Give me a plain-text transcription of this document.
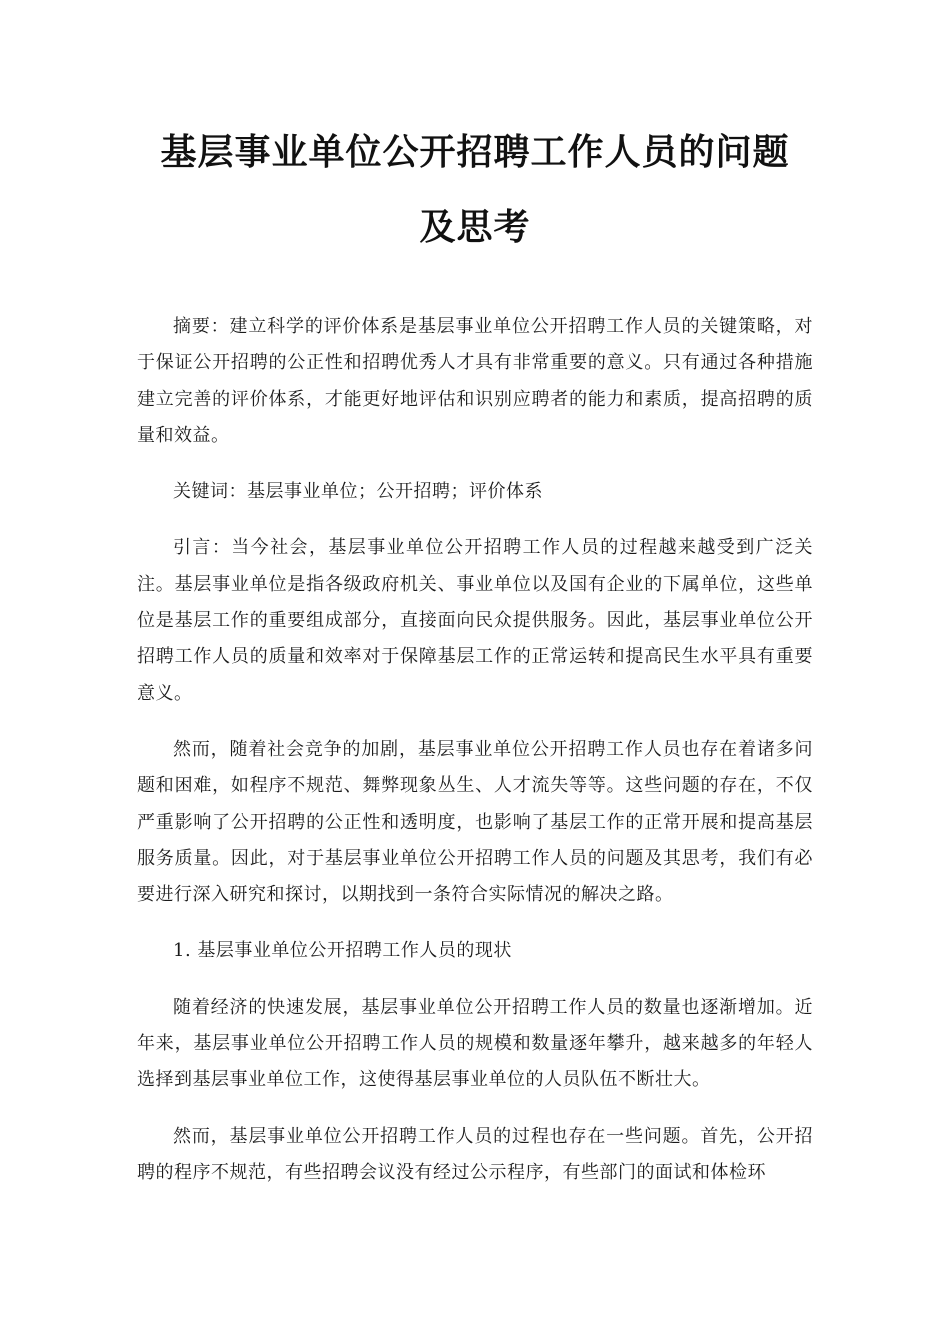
基层事业单位公开招聘工作人员的问题
及思考

摘要：建立科学的评价体系是基层事业单位公开招聘工作人员的关键策略，对于保证公开招聘的公正性和招聘优秀人才具有非常重要的意义。只有通过各种措施建立完善的评价体系，才能更好地评估和识别应聘者的能力和素质，提高招聘的质量和效益。

关键词：基层事业单位；公开招聘；评价体系

引言：当今社会，基层事业单位公开招聘工作人员的过程越来越受到广泛关注。基层事业单位是指各级政府机关、事业单位以及国有企业的下属单位，这些单位是基层工作的重要组成部分，直接面向民众提供服务。因此，基层事业单位公开招聘工作人员的质量和效率对于保障基层工作的正常运转和提高民生水平具有重要意义。

然而，随着社会竞争的加剧，基层事业单位公开招聘工作人员也存在着诸多问题和困难，如程序不规范、舞弊现象丛生、人才流失等等。这些问题的存在，不仅严重影响了公开招聘的公正性和透明度，也影响了基层工作的正常开展和提高基层服务质量。因此，对于基层事业单位公开招聘工作人员的问题及其思考，我们有必要进行深入研究和探讨，以期找到一条符合实际情况的解决之路。

1. 基层事业单位公开招聘工作人员的现状

随着经济的快速发展，基层事业单位公开招聘工作人员的数量也逐渐增加。近年来，基层事业单位公开招聘工作人员的规模和数量逐年攀升，越来越多的年轻人选择到基层事业单位工作，这使得基层事业单位的人员队伍不断壮大。

然而，基层事业单位公开招聘工作人员的过程也存在一些问题。首先，公开招聘的程序不规范，有些招聘会议没有经过公示程序，有些部门的面试和体检环
